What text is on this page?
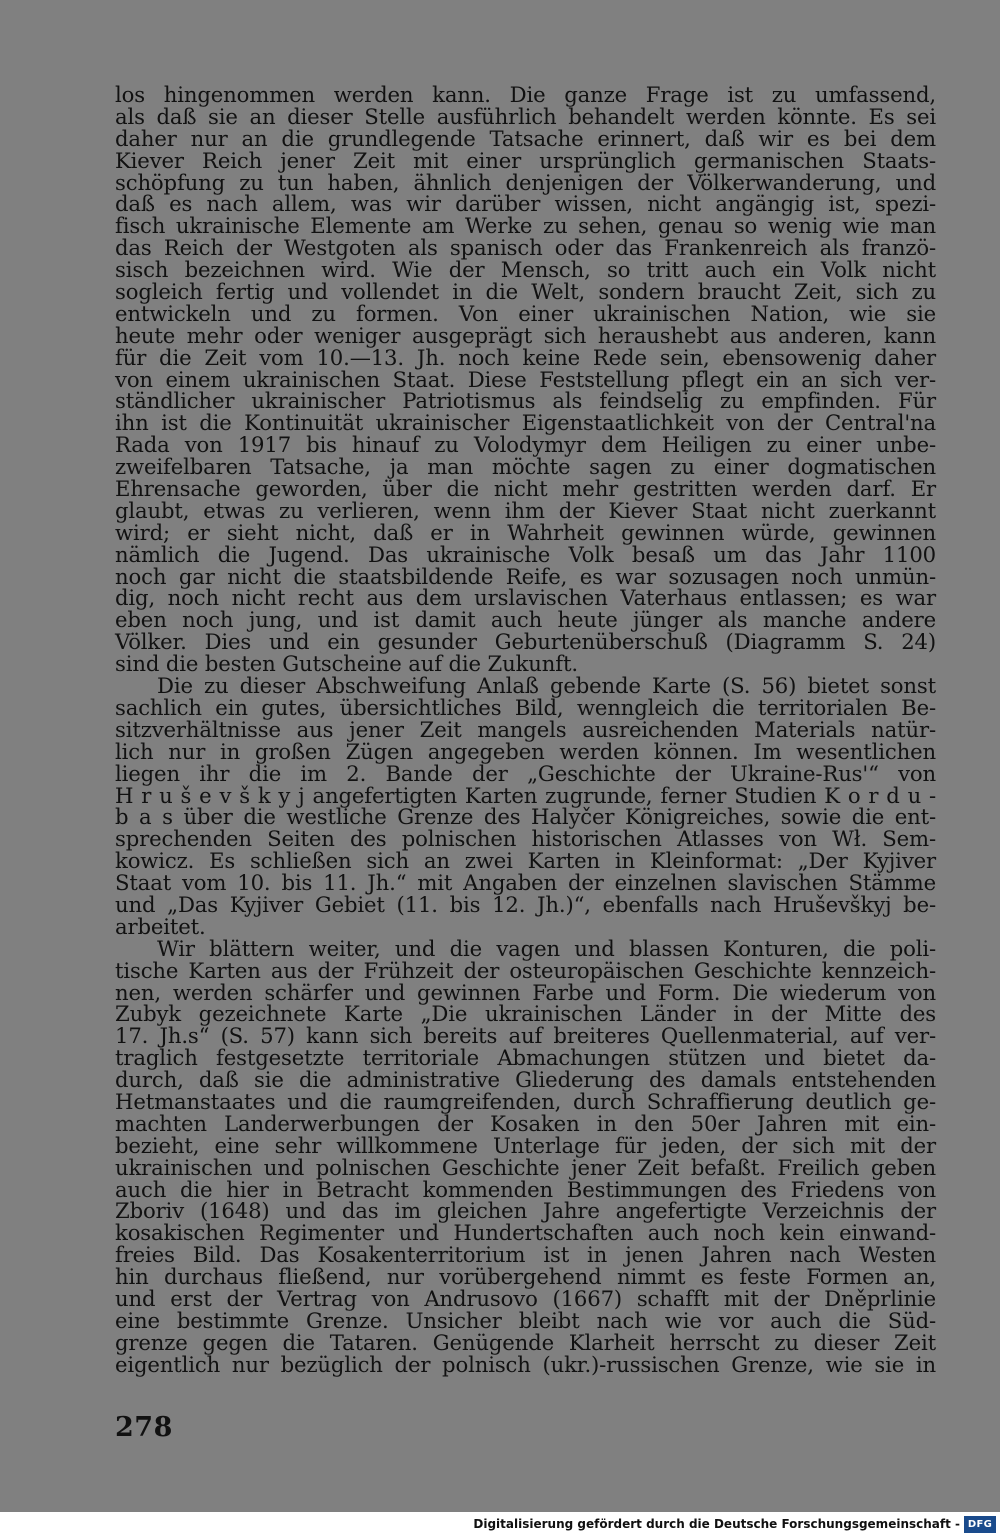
los hingenommen werden kann. Die ganze Frage ist zu umfassend,
als daß sie an dieser Stelle ausführlich behandelt werden könnte. Es sei
daher nur an die grundlegende Tatsache erinnert, daß wir es bei dem
Kiever Reich jener Zeit mit einer ursprünglich germanischen Staats-
schöpfung zu tun haben, ähnlich denjenigen der Völkerwanderung, und
daß es nach allem, was wir darüber wissen, nicht angängig ist, spezi-
fisch ukrainische Elemente am Werke zu sehen, genau so wenig wie man
das Reich der Westgoten als spanisch oder das Frankenreich als franzö-
sisch bezeichnen wird. Wie der Mensch, so tritt auch ein Volk nicht
sogleich fertig und vollendet in die Welt, sondern braucht Zeit, sich zu
entwickeln und zu formen. Von einer ukrainischen Nation, wie sie
heute mehr oder weniger ausgeprägt sich heraushebt aus anderen, kann
für die Zeit vom 10.—13. Jh. noch keine Rede sein, ebensowenig daher
von einem ukrainischen Staat. Diese Feststellung pflegt ein an sich ver-
ständlicher ukrainischer Patriotismus als feindselig zu empfinden. Für
ihn ist die Kontinuität ukrainischer Eigenstaatlichkeit von der Central'na
Rada von 1917 bis hinauf zu Volodymyr dem Heiligen zu einer unbe-
zweifelbaren Tatsache, ja man möchte sagen zu einer dogmatischen
Ehrensache geworden, über die nicht mehr gestritten werden darf. Er
glaubt, etwas zu verlieren, wenn ihm der Kiever Staat nicht zuerkannt
wird; er sieht nicht, daß er in Wahrheit gewinnen würde, gewinnen
nämlich die Jugend. Das ukrainische Volk besaß um das Jahr 1100
noch gar nicht die staatsbildende Reife, es war sozusagen noch unmün-
dig, noch nicht recht aus dem urslavischen Vaterhaus entlassen; es war
eben noch jung, und ist damit auch heute jünger als manche andere
Völker. Dies und ein gesunder Geburtenüberschuß (Diagramm S. 24)
sind die besten Gutscheine auf die Zukunft.
Die zu dieser Abschweifung Anlaß gebende Karte (S. 56) bietet sonst
sachlich ein gutes, übersichtliches Bild, wenngleich die territorialen Be-
sitzverhältnisse aus jener Zeit mangels ausreichenden Materials natür-
lich nur in großen Zügen angegeben werden können. Im wesentlichen
liegen ihr die im 2. Bande der „Geschichte der Ukraine-Rus'“ von
H r u š e v š k y j angefertigten Karten zugrunde, ferner Studien K o r d u -
b a s über die westliche Grenze des Halyčer Königreiches, sowie die ent-
sprechenden Seiten des polnischen historischen Atlasses von Wł. Sem-
kowicz. Es schließen sich an zwei Karten in Kleinformat: „Der Kyjiver
Staat vom 10. bis 11. Jh.“ mit Angaben der einzelnen slavischen Stämme
und „Das Kyjiver Gebiet (11. bis 12. Jh.)“, ebenfalls nach Hruševškyj be-
arbeitet.
Wir blättern weiter, und die vagen und blassen Konturen, die poli-
tische Karten aus der Frühzeit der osteuropäischen Geschichte kennzeich-
nen, werden schärfer und gewinnen Farbe und Form. Die wiederum von
Zubyk gezeichnete Karte „Die ukrainischen Länder in der Mitte des
17. Jh.s“ (S. 57) kann sich bereits auf breiteres Quellenmaterial, auf ver-
traglich festgesetzte territoriale Abmachungen stützen und bietet da-
durch, daß sie die administrative Gliederung des damals entstehenden
Hetmanstaates und die raumgreifenden, durch Schraffierung deutlich ge-
machten Landerwerbungen der Kosaken in den 50er Jahren mit ein-
bezieht, eine sehr willkommene Unterlage für jeden, der sich mit der
ukrainischen und polnischen Geschichte jener Zeit befaßt. Freilich geben
auch die hier in Betracht kommenden Bestimmungen des Friedens von
Zboriv (1648) und das im gleichen Jahre angefertigte Verzeichnis der
kosakischen Regimenter und Hundertschaften auch noch kein einwand-
freies Bild. Das Kosakenterritorium ist in jenen Jahren nach Westen
hin durchaus fließend, nur vorübergehend nimmt es feste Formen an,
und erst der Vertrag von Andrusovo (1667) schafft mit der Dněprlinie
eine bestimmte Grenze. Unsicher bleibt nach wie vor auch die Süd-
grenze gegen die Tataren. Genügende Klarheit herrscht zu dieser Zeit
eigentlich nur bezüglich der polnisch (ukr.)-russischen Grenze, wie sie in
278
Digitalisierung gefördert durch die Deutsche Forschungsgemeinschaft - DFG
